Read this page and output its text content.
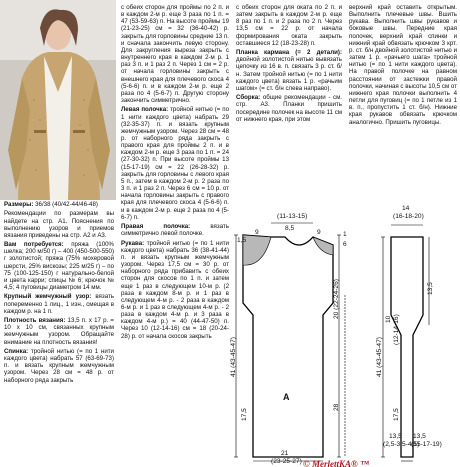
Размеры: 36/38 (40/42-44/46-48)

Рекомендации по размерам вы найдете на стр. А1. Пояснения по выполнению узоров и приемов вязания приведены на стр. А2 и А3.

Вам потребуется: пряжа (100% шелка; 200 м/50 г) – 400 (450-500-550) г золотистой; пряжа (75% мохеровой шерсти, 25% вискозы; 225 м/25 г) – по 75 (100-125-150) г натурально-белой и цвета карри; спицы № 6; крючок № 4,5; 4 пуговицы диаметром 14 мм.

Крупный жемчужный узор: вязать попеременно 1 лиц., 1 изн., смещая в каждом р. на 1 п.

Плотность вязания: 13,5 п. х 17 р. = 10 х 10 см, связанных крупным жемчужным узором. Обращайте внимание на плотность вязания!

Спинка: тройной нитью (= по 1 нити каждого цвета) набрать 57 (63-69-73) п. и вязать крупным жемчужным узором. Через 28 см = 48 р. от наборного ряда закрыть

с обеих сторон для проймы по 2 п. и в каждом 2-м р. еще 3 раза по 1 п. = 47 (53-59-63) п. На высоте проймы 19 (21-23-25) см = 32 (36-40-42) р. закрыть для горловины средние 13 п. и сначала закончить левую сторону. Для закругления выреза закрыть с внутреннего края в каждом 2-м р. 1 раз 3 п. и 1 раз 2 п. Через 1 см = 2 р. от начала горловины закрыть с внешнего края для плечевого скоса 4 (5-6-6) п. и в каждом 2-м р. еще 2 раза по 4 (5-6-7) п. Другую сторону закончить симметрично.

Левая полочка: тройной нитью (= по 1 нити каждого цвета) набрать 29 (32-35-37) п. и вязать крупным жемчужным узором. Через 28 см = 48 р. от наборного ряда закрыть с правого края для проймы 2 п. и в каждом 2-м р. еще 3 раза по 1 п. = 24 (27-30-32) п. При высоте проймы 13 (15-17-19) см = 22 (26-28-32) р. закрыть для горловины с левого края 5 п., затем в каждом 2-м р. 2 раза по 3 п. и 1 раз 2 п. Через 6 см = 10 р. от начала горловины закрыть с правого края для плечевого скоса 4 (5-6-6) п. и в каждом 2-м р. еще 2 раза по 4 (5-6-7) п.

Правая полочка: вязать симметрично левой полочке.

Рукава: тройной нитью (= по 1 нити каждого цвета) набрать 36 (38-41-44) п. и вязать крупным жемчужным узором. Через 17,5 см = 30 р. от наборного ряда прибавить с обеих сторон для скосов по 1 п. и затем еще 1 раз в следующем 10-м р. (2 раза в каждом 8-м р. и 1 раз в следующем 4-м р. - 2 раза в каждом 6-м р. и 1 раз в следующем 4-м р. - 2 раза в каждом 4-м р. и 3 раза в каждом 4-м р.) = 40 (44-47-50) п. Через 10 (12-14-16) см = 18 (20-24-28) р. от начала скосов закрыть

с обеих сторон для оката по 2 п. и затем закрыть в каждом 2-м р. еще 8 раз по 1 п. и 2 раза по 2 п. Через 13,5 см = 22 р. от начала формирования оката закрыть оставшиеся 12 (18-23-28) п.

Планка кармана (= 2 детали): двойной золотистой нитью вывязать цепочку из 16 в. п. связать 3 р. ст. б/н. Затем тройной нитью (= по 1 нити каждого цвета) вязать 1 р. «рачьим шагом» (= ст. б/н слева направо).

Сборка: общие рекомендации - см. стр. А3. Планки пришить посередине полочек на высоте 11 см от нижнего края, при этом

верхний край оставить открытым. Выполнить плечевые швы. Вшить рукава. Выполнить швы рукавов и боковые швы. Передние края полочек, верхний край спинки и нижний край обвязать крючком 3 крт. р. ст. б/н двойной золотистой нитью и затем 1 р. «рачьего шага» тройной нитью (= по 1 нити каждого цвета). На правой полочке на равном расстоянии от застежки правой полочки, начиная с высоты 10,5 см от нижнего края полочки выполнить 4 петли для пуговиц (= по 1 петле из 1 в. п., пропустить 1 ст. б/н). Нижние края рукавов обвязать крючком аналогично. Пришить пуговицы.

(11-13-15)
9
8,5
9	1
6
1,5
20 (22-24-26)
28
41 (43-45-47)
17,5
A
21
(23-25-27)
(16-18-20)
14
13,5
10 (12-14-16)
17,5
41 (43-45-47)
13,5
(2,5-3,5-4,5)
13,5
(15-17-19)
© MerlettKA® ™
